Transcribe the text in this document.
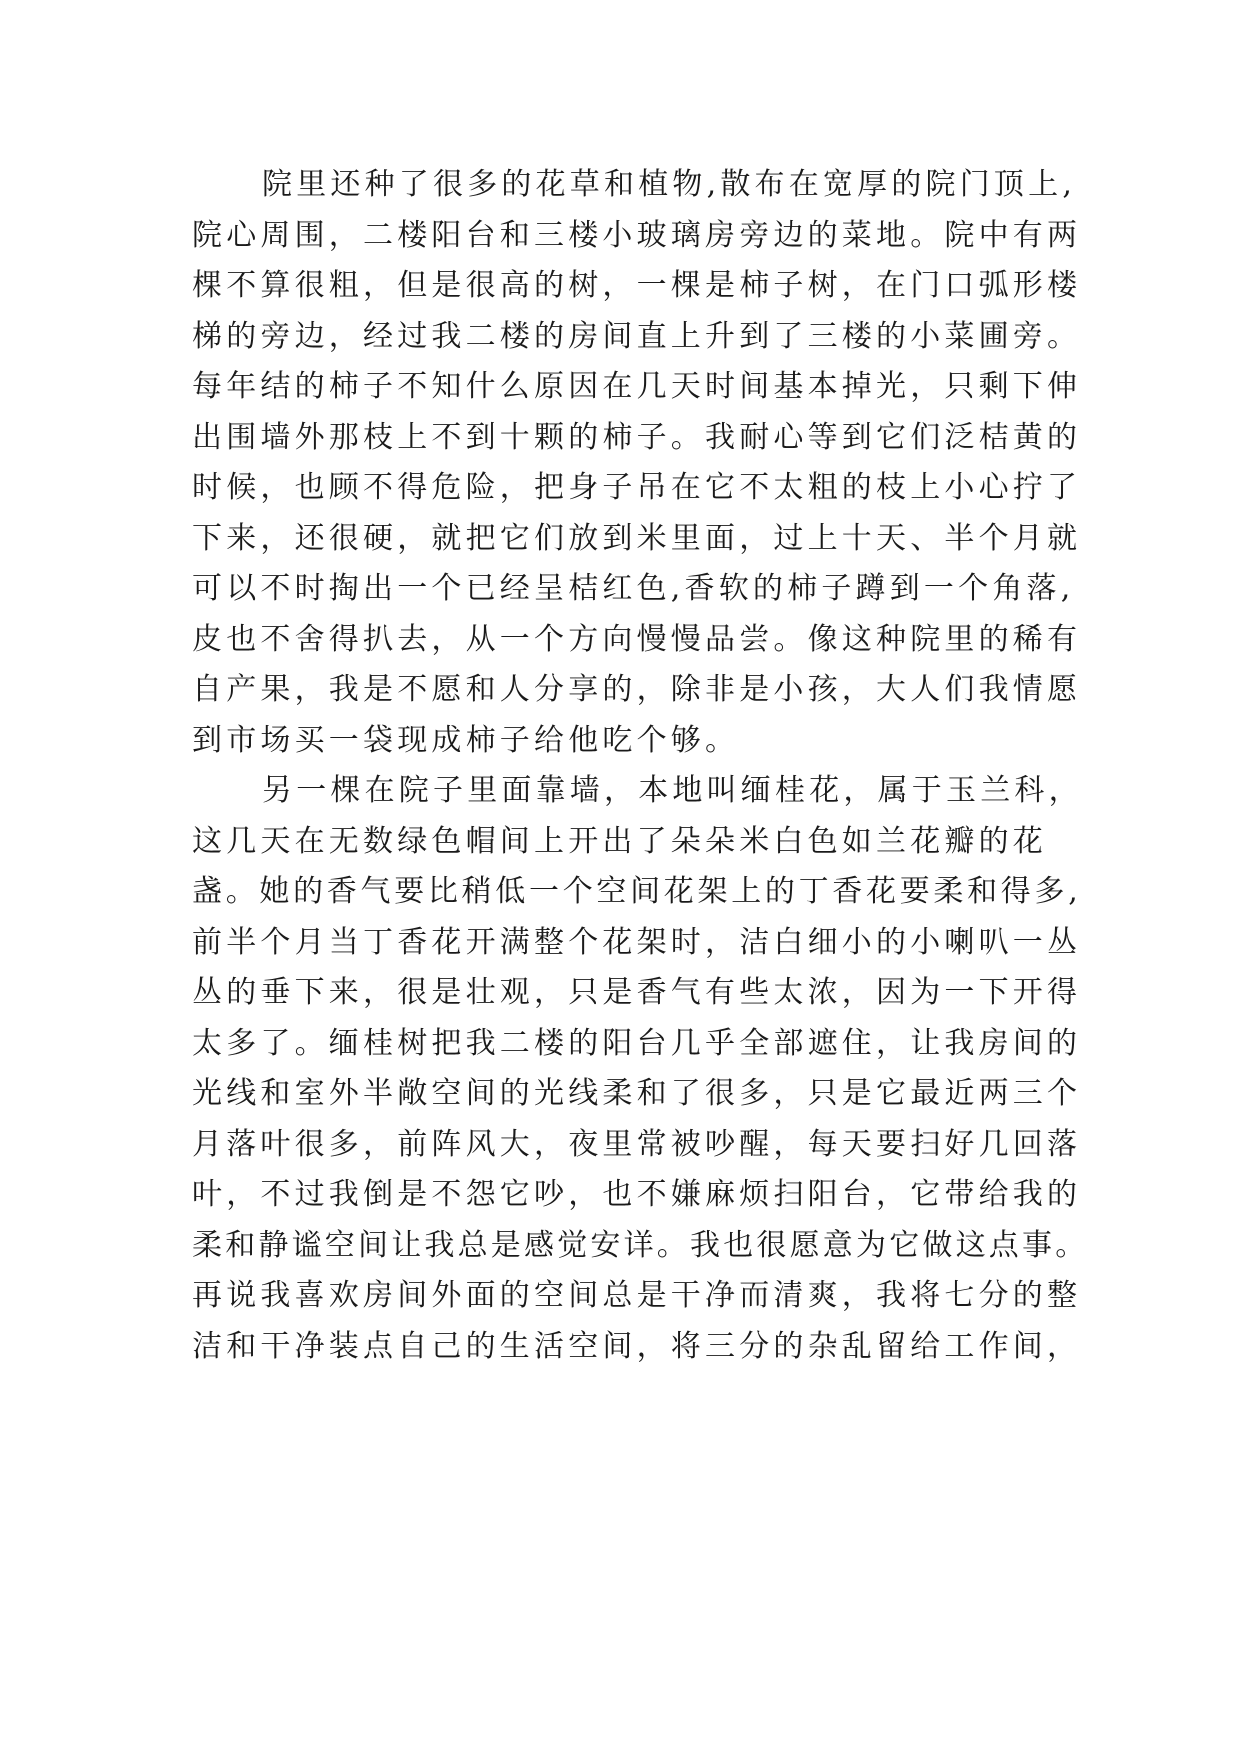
院里还种了很多的花草和植物,散布在宽厚的院门顶上,
院心周围，二楼阳台和三楼小玻璃房旁边的菜地。院中有两
棵不算很粗，但是很高的树，一棵是柿子树，在门口弧形楼
梯的旁边，经过我二楼的房间直上升到了三楼的小菜圃旁。
每年结的柿子不知什么原因在几天时间基本掉光，只剩下伸
出围墙外那枝上不到十颗的柿子。我耐心等到它们泛桔黄的
时候，也顾不得危险，把身子吊在它不太粗的枝上小心拧了
下来，还很硬，就把它们放到米里面，过上十天、半个月就
可以不时掏出一个已经呈桔红色,香软的柿子蹲到一个角落,
皮也不舍得扒去，从一个方向慢慢品尝。像这种院里的稀有
自产果，我是不愿和人分享的，除非是小孩，大人们我情愿
到市场买一袋现成柿子给他吃个够。
另一棵在院子里面靠墙，本地叫缅桂花，属于玉兰科，
这几天在无数绿色帽间上开出了朵朵米白色如兰花瓣的花
盏。她的香气要比稍低一个空间花架上的丁香花要柔和得多,
前半个月当丁香花开满整个花架时，洁白细小的小喇叭一丛
丛的垂下来，很是壮观，只是香气有些太浓，因为一下开得
太多了。缅桂树把我二楼的阳台几乎全部遮住，让我房间的
光线和室外半敞空间的光线柔和了很多，只是它最近两三个
月落叶很多，前阵风大，夜里常被吵醒，每天要扫好几回落
叶，不过我倒是不怨它吵，也不嫌麻烦扫阳台，它带给我的
柔和静谧空间让我总是感觉安详。我也很愿意为它做这点事。
再说我喜欢房间外面的空间总是干净而清爽，我将七分的整
洁和干净装点自己的生活空间，将三分的杂乱留给工作间，
